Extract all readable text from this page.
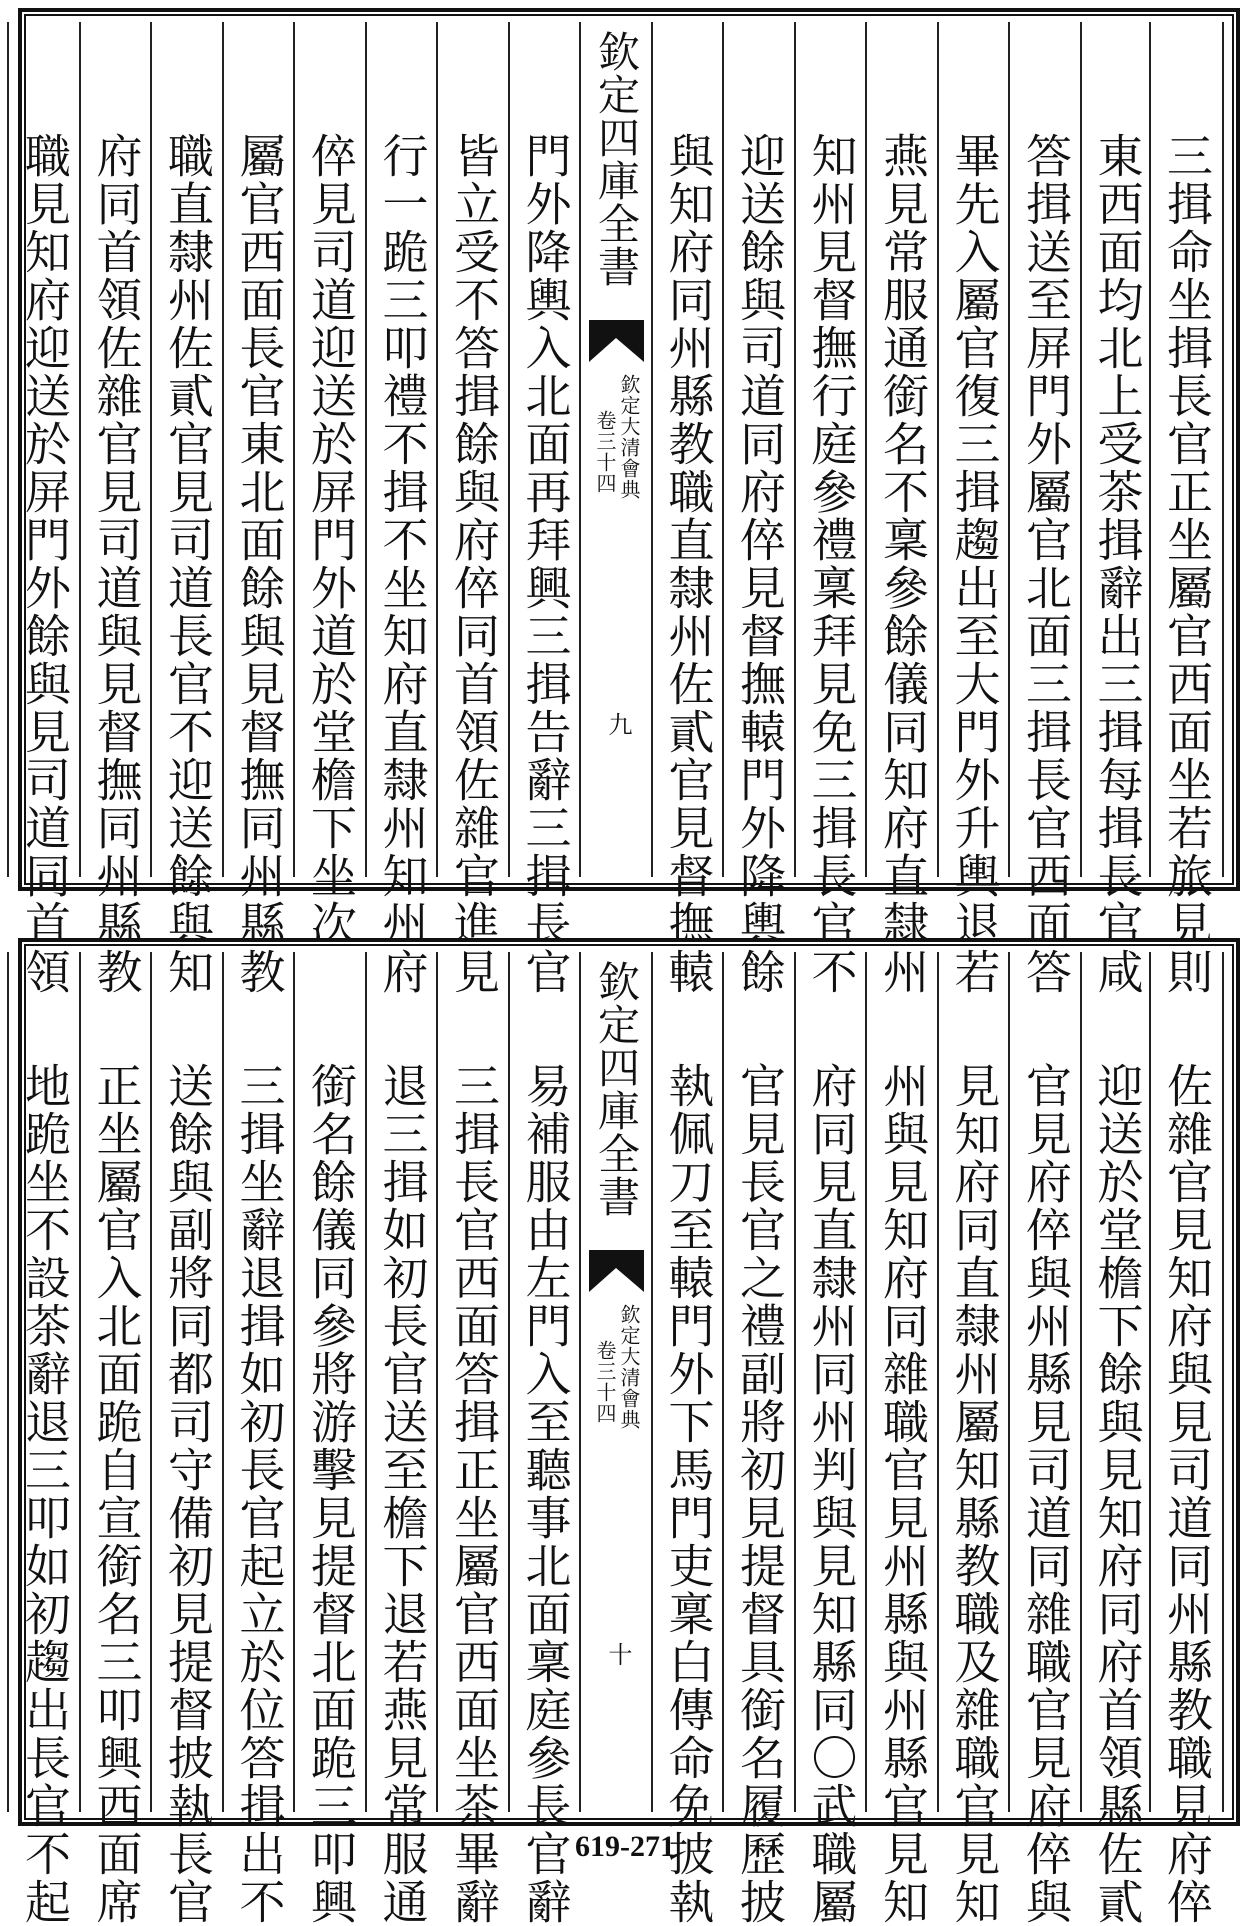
三揖命坐揖長官正坐屬官西面坐若旅見則
東西面均北上受茶揖辭出三揖每揖長官咸
答揖送至屏門外屬官北面三揖長官西面答
畢先入屬官復三揖趨出至大門外升輿退若
燕見常服通銜名不稟參餘儀同知府直隸州
知州見督撫行庭參禮稟拜見免三揖長官不
迎送餘與司道同府倅見督撫轅門外降輿餘
與知府同州縣教職直隸州佐貳官見督撫轅
欽定四庫全書
欽定大清會典
卷三十四
九
門外降輿入北面再拜興三揖告辭三揖長官
皆立受不答揖餘與府倅同首領佐雜官進見
行一跪三叩禮不揖不坐知府直隸州知州府
倅見司道迎送於屏門外道於堂檐下坐次
屬官西面長官東北面餘與見督撫同州縣教
職直隸州佐貳官見司道長官不迎送餘與知
府同首領佐雜官見司道與見督撫同州縣教
職見知府迎送於屏門外餘與見司道同首領
佐雜官見知府與見司道同州縣教職見府倅
迎送於堂檐下餘與見知府同府首領縣佐貳
官見府倅與州縣見司道同雜職官見府倅與
見知府同直隸州屬知縣教職及雜職官見知
州與見知府同雜職官見州縣與州縣官見知
府同見直隸州同州判與見知縣同〇武職屬
官見長官之禮副將初見提督具銜名履歷披
執佩刀至轅門外下馬門吏稟白傳命免披執
欽定四庫全書
欽定大清會典
卷三十四
十
易補服由左門入至聽事北面稟庭參長官辭
三揖長官西面答揖正坐屬官西面坐茶畢辭
退三揖如初長官送至檐下退若燕見常服通
銜名餘儀同參將游擊見提督北面跪三叩興
三揖坐辭退揖如初長官起立於位答揖出不
送餘與副將同都司守備初見提督披執長官
正坐屬官入北面跪自宣銜名三叩興西面席
地跪坐不設茶辭退三叩如初趨出長官不起	619-271
